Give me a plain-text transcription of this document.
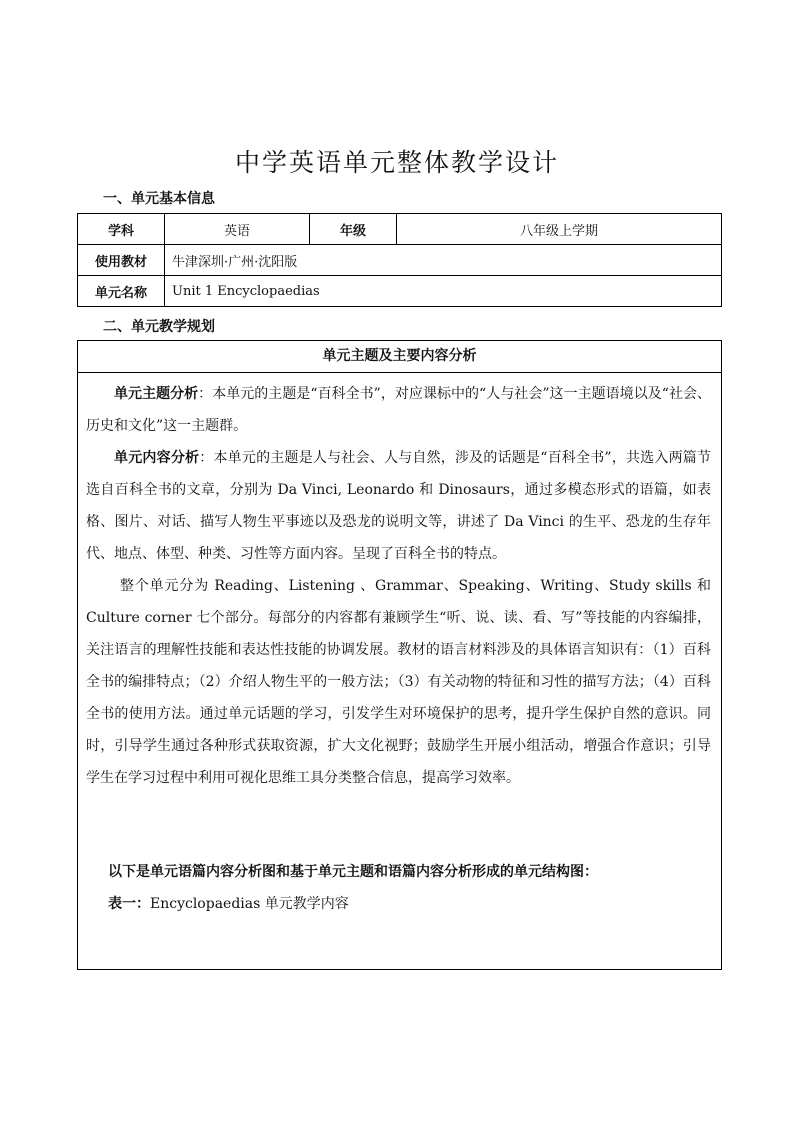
中学英语单元整体教学设计
一、单元基本信息
学科	英语	年级	八年级上学期
使用教材	牛津深圳·广州·沈阳版		
单元名称	Unit 1 Encyclopaedias		
二、单元教学规划
单元主题及主要内容分析

单元主题分析：本单元的主题是“百科全书”，对应课标中的“人与社会”这一主题语境以及“社会、历史和文化”这一主题群。

单元内容分析：本单元的主题是人与社会、人与自然，涉及的话题是“百科全书”，共选入两篇节选自百科全书的文章，分别为 Da Vinci, Leonardo 和 Dinosaurs，通过多模态形式的语篇，如表格、图片、对话、描写人物生平事迹以及恐龙的说明文等，讲述了 Da Vinci 的生平、恐龙的生存年代、地点、体型、种类、习性等方面内容。呈现了百科全书的特点。

整个单元分为 Reading、Listening 、Grammar、Speaking、Writing、Study skills 和 Culture corner 七个部分。每部分的内容都有兼顾学生“听、说、读、看、写”等技能的内容编排，关注语言的理解性技能和表达性技能的协调发展。教材的语言材料涉及的具体语言知识有：（1）百科全书的编排特点；（2）介绍人物生平的一般方法；（3）有关动物的特征和习性的描写方法；（4）百科全书的使用方法。通过单元话题的学习，引发学生对环境保护的思考，提升学生保护自然的意识。同时，引导学生通过各种形式获取资源，扩大文化视野；鼓励学生开展小组活动，增强合作意识；引导学生在学习过程中利用可视化思维工具分类整合信息，提高学习效率。

以下是单元语篇内容分析图和基于单元主题和语篇内容分析形成的单元结构图：
表一：Encyclopaedias 单元教学内容
